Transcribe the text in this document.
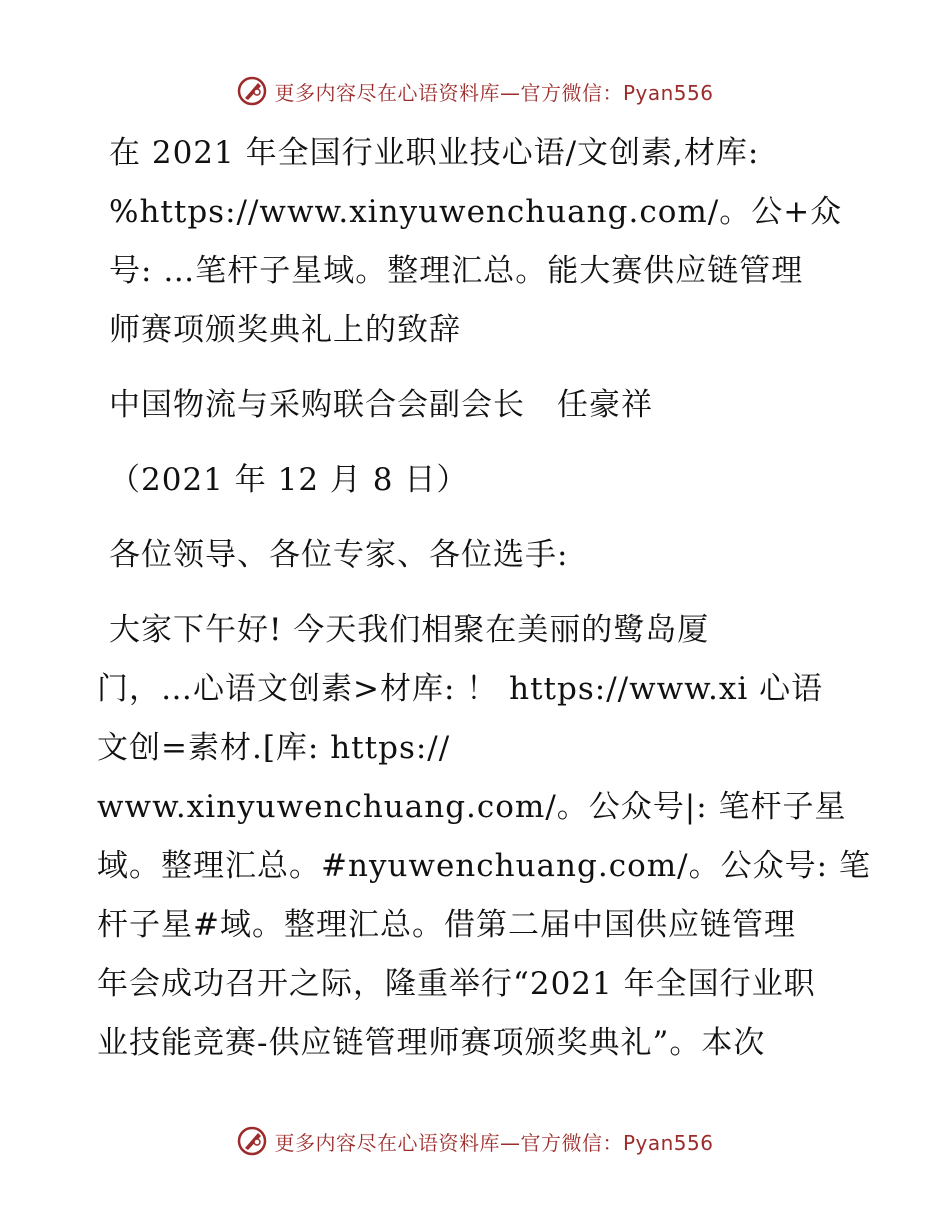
更多内容尽在心语资料库—官方微信：Pyan556
在 2021 年全国行业职业技心语/文创素,材库:
%https://www.xinyuwenchuang.com/。公+众
号: …笔杆子星域。整理汇总。能大赛供应链管理
师赛项颁奖典礼上的致辞
中国物流与采购联合会副会长　任豪祥
（2021 年 12 月 8 日）
各位领导、各位专家、各位选手:
大家下午好! 今天我们相聚在美丽的鹭岛厦
门，…心语文创素>材库: ！ https://www.xi 心语
文创=素材.[库: https://
www.xinyuwenchuang.com/。公众号|: 笔杆子星
域。整理汇总。#nyuwenchuang.com/。公众号: 笔
杆子星#域。整理汇总。借第二届中国供应链管理
年会成功召开之际，隆重举行“2021 年全国行业职
业技能竞赛-供应链管理师赛项颁奖典礼”。本次
更多内容尽在心语资料库—官方微信：Pyan556
